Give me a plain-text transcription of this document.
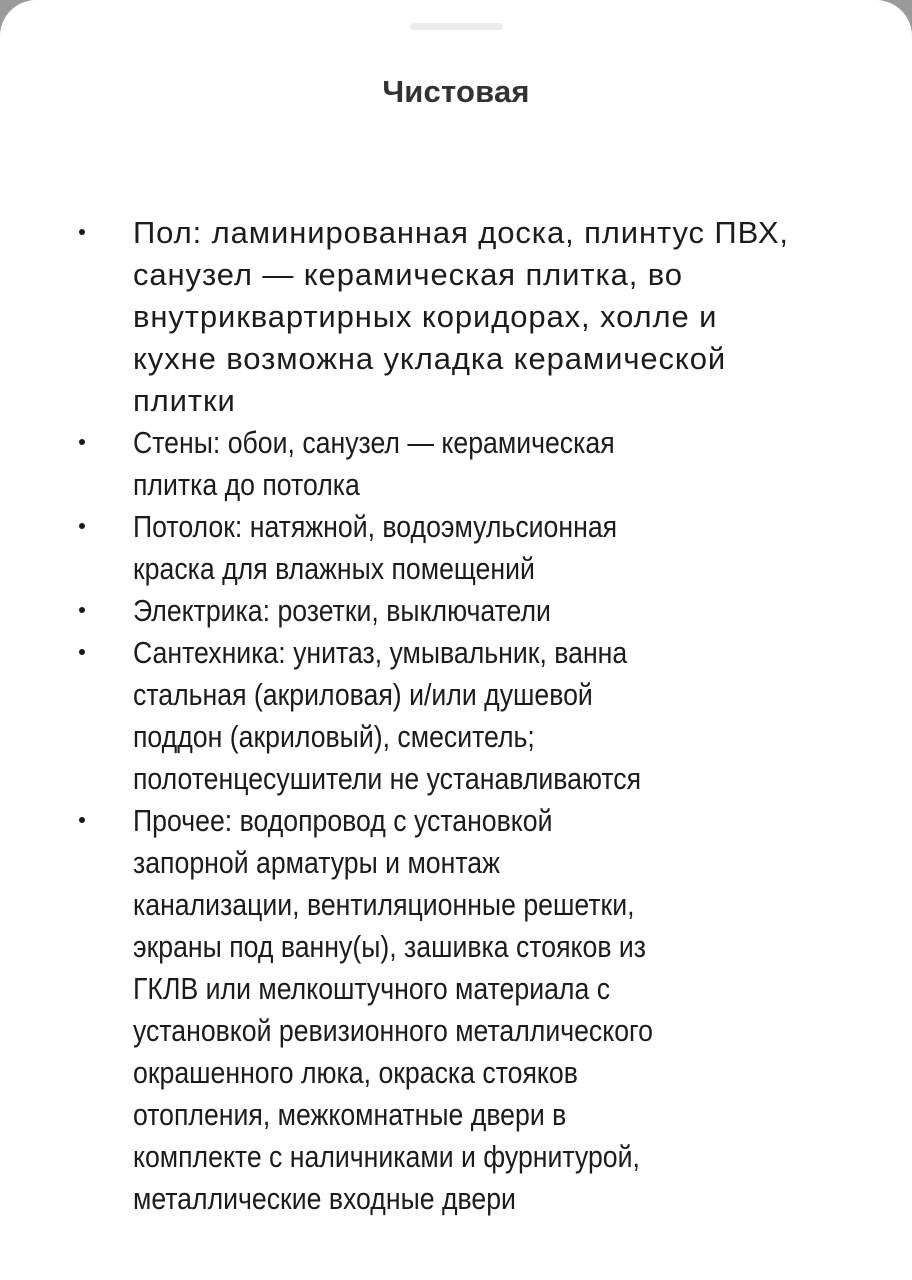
Чистовая
Пол: ламинированная доска, плинтус ПВХ,
санузел — керамическая плитка, во
внутриквартирных коридорах, холле и
кухне возможна укладка керамической
плитки
Стены: обои, санузел — керамическая
плитка до потолка
Потолок: натяжной, водоэмульсионная
краска для влажных помещений
Электрика: розетки, выключатели
Сантехника: унитаз, умывальник, ванна
стальная (акриловая) и/или душевой
поддон (акриловый), смеситель;
полотенцесушители не устанавливаются
Прочее: водопровод с установкой
запорной арматуры и монтаж
канализации, вентиляционные решетки,
экраны под ванну(ы), зашивка стояков из
ГКЛВ или мелкоштучного материала с
установкой ревизионного металлического
окрашенного люка, окраска стояков
отопления, межкомнатные двери в
комплекте с наличниками и фурнитурой,
металлические входные двери
